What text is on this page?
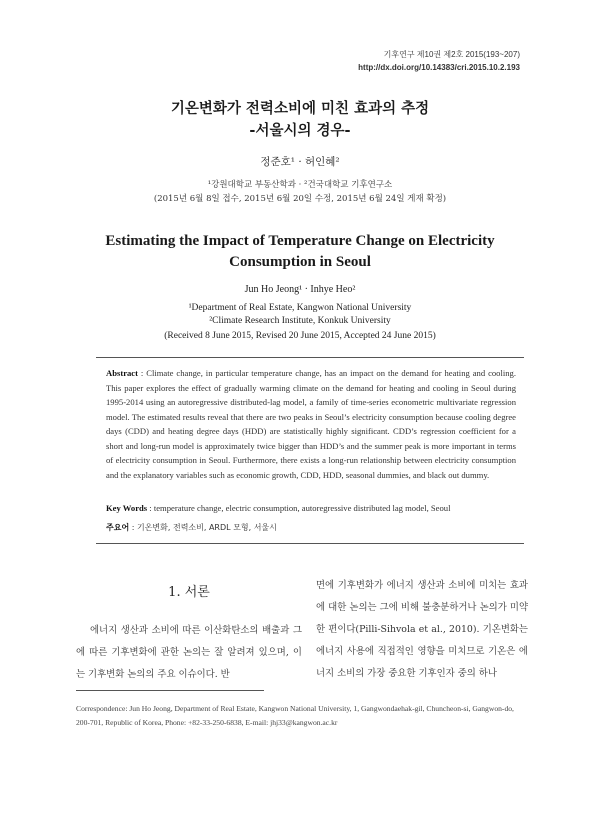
기후연구 제10권 제2호 2015(193~207)
http://dx.doi.org/10.14383/cri.2015.10.2.193
기온변화가 전력소비에 미친 효과의 추정
-서울시의 경우-
정준호¹ · 허인혜²
¹강원대학교 부동산학과 · ²건국대학교 기후연구소
(2015년 6월 8일 접수, 2015년 6월 20일 수정, 2015년 6월 24일 게재 확정)
Estimating the Impact of Temperature Change on Electricity
Consumption in Seoul
Jun Ho Jeong¹ · Inhye Heo²
¹Department of Real Estate, Kangwon National University
²Climate Research Institute, Konkuk University
(Received 8 June 2015, Revised 20 June 2015, Accepted 24 June 2015)
Abstract : Climate change, in particular temperature change, has an impact on the demand for heating and cooling. This paper explores the effect of gradually warming climate on the demand for heating and cooling in Seoul during 1995-2014 using an autoregressive distributed-lag model, a family of time-series econometric multivariate regression model. The estimated results reveal that there are two peaks in Seoul’s electricity consumption because cooling degree days (CDD) and heating degree days (HDD) are statistically highly significant. CDD’s regression coefficient for a short and long-run model is approximately twice bigger than HDD’s and the summer peak is more important in terms of electricity consumption in Seoul. Furthermore, there exists a long-run relationship between electricity consumption and the explanatory variables such as economic growth, CDD, HDD, seasonal dummies, and black out dummy.
Key Words : temperature change, electric consumption, autoregressive distributed lag model, Seoul
주요어 : 기온변화, 전력소비, ARDL 모형, 서울시
1. 서론

에너지 생산과 소비에 따른 이산화탄소의 배출과 그에 따른 기후변화에 관한 논의는 잘 알려져 있으며, 이는 기후변화 논의의 주요 이슈이다. 반

면에 기후변화가 에너지 생산과 소비에 미치는 효과에 대한 논의는 그에 비해 불충분하거나 논의가 미약한 편이다(Pilli-Sihvola et al., 2010). 기온변화는 에너지 사용에 직접적인 영향을 미치므로 기온은 에너지 소비의 가장 중요한 기후인자 중의 하나

Correspondence: Jun Ho Jeong, Department of Real Estate, Kangwon National University, 1, Gangwondaehak-gil, Chuncheon-si, Gangwon-do, 200-701, Republic of Korea, Phone: +82-33-250-6838, E-mail: jhj33@kangwon.ac.kr
